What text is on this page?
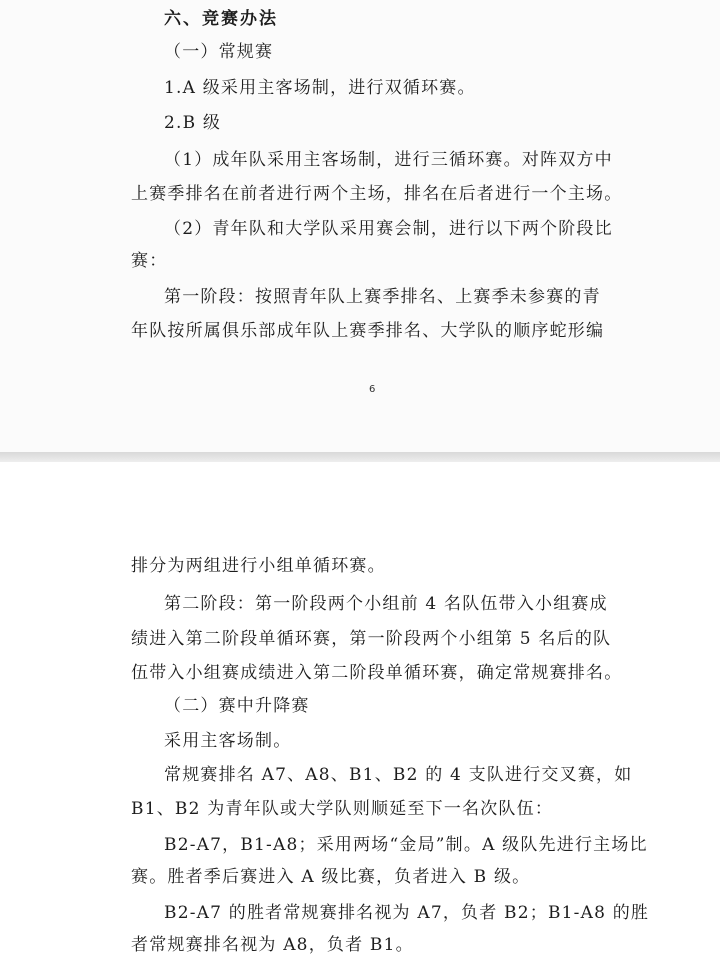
六、竞赛办法
（一）常规赛
1.A 级采用主客场制，进行双循环赛。
2.B 级
（1）成年队采用主客场制，进行三循环赛。对阵双方中
上赛季排名在前者进行两个主场，排名在后者进行一个主场。
（2）青年队和大学队采用赛会制，进行以下两个阶段比
赛：
第一阶段：按照青年队上赛季排名、上赛季未参赛的青
年队按所属俱乐部成年队上赛季排名、大学队的顺序蛇形编
6
排分为两组进行小组单循环赛。
第二阶段：第一阶段两个小组前 4 名队伍带入小组赛成
绩进入第二阶段单循环赛，第一阶段两个小组第 5 名后的队
伍带入小组赛成绩进入第二阶段单循环赛，确定常规赛排名。
（二）赛中升降赛
采用主客场制。
常规赛排名 A7、A8、B1、B2 的 4 支队进行交叉赛，如
B1、B2 为青年队或大学队则顺延至下一名次队伍：
B2-A7，B1-A8；采用两场“金局”制。A 级队先进行主场比
赛。胜者季后赛进入 A 级比赛，负者进入 B 级。
B2-A7 的胜者常规赛排名视为 A7，负者 B2；B1-A8 的胜
者常规赛排名视为 A8，负者 B1。
